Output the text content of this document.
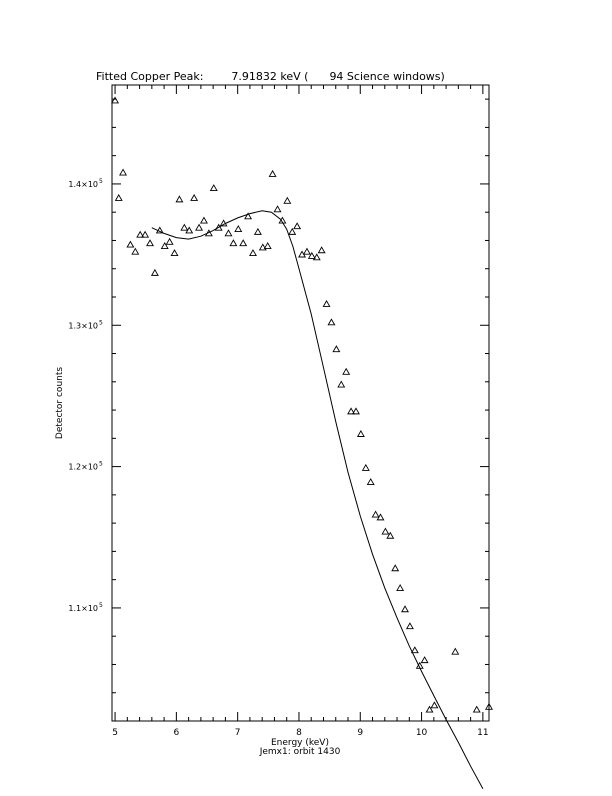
Fitted Copper Peak:        7.91832 keV (      94 Science windows)
Energy (keV)
Jemx1: orbit 1430
Detector counts
5	6	7	8	9	10	11
1.1×10 5
1.2×10 5
1.3×10 5
1.4×10 5
